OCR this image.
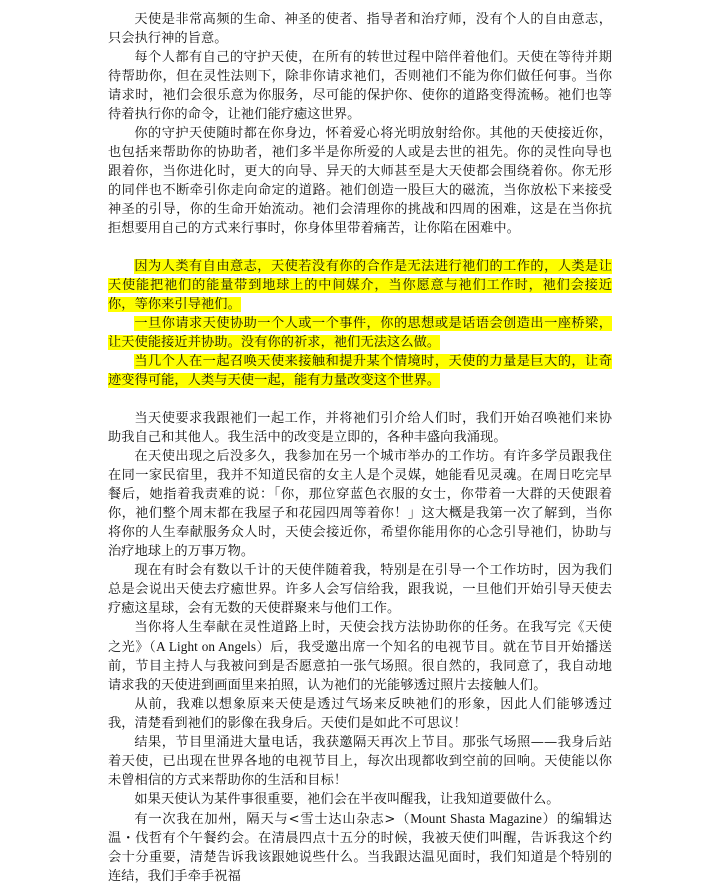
天使是非常高频的生命、神圣的使者、指导者和治疗师，没有个人的自由意志，只会执行神的旨意。

每个人都有自己的守护天使，在所有的转世过程中陪伴着他们。天使在等待并期待帮助你，但在灵性法则下，除非你请求祂们，否则祂们不能为你们做任何事。当你请求时，祂们会很乐意为你服务，尽可能的保护你、使你的道路变得流畅。祂们也等待着执行你的命令，让祂们能疗癒这世界。

你的守护天使随时都在你身边，怀着爱心将光明放射给你。其他的天使接近你，也包括来帮助你的协助者，祂们多半是你所爱的人或是去世的祖先。你的灵性向导也跟着你，当你进化时，更大的向导、异天的大师甚至是大天使都会围绕着你。你无形的同伴也不断牵引你走向命定的道路。祂们创造一股巨大的磁流，当你放松下来接受神圣的引导，你的生命开始流动。祂们会清理你的挑战和四周的困难，这是在当你抗拒想要用自己的方式来行事时，你身体里带着痛苦，让你陷在困难中。

因为人类有自由意志，天使若没有你的合作是无法进行祂们的工作的，人类是让天使能把祂们的能量带到地球上的中间媒介，当你愿意与祂们工作时，祂们会接近你，等你来引导祂们。

一旦你请求天使协助一个人或一个事件，你的思想或是话语会创造出一座桥梁，让天使能接近并协助。没有你的祈求，祂们无法这么做。

当几个人在一起召唤天使来接触和提升某个情境时，天使的力量是巨大的，让奇迹变得可能，人类与天使一起，能有力量改变这个世界。

当天使要求我跟祂们一起工作，并将祂们引介给人们时，我们开始召唤祂们来协助我自己和其他人。我生活中的改变是立即的，各种丰盛向我涌现。

在天使出现之后没多久，我参加在另一个城市举办的工作坊。有许多学员跟我住在同一家民宿里，我并不知道民宿的女主人是个灵媒，她能看见灵魂。在周日吃完早餐后，她指着我责难的说：「你，那位穿蓝色衣服的女士，你带着一大群的天使跟着你，祂们整个周末都在我屋子和花园四周等着你！」这大概是我第一次了解到，当你将你的人生奉献服务众人时，天使会接近你，希望你能用你的心念引导祂们，协助与治疗地球上的万事万物。

现在有时会有数以千计的天使伴随着我，特别是在引导一个工作坊时，因为我们总是会说出天使去疗癒世界。许多人会写信给我，跟我说，一旦他们开始引导天使去疗癒这星球，会有无数的天使群聚来与他们工作。

当你将人生奉献在灵性道路上时，天使会找方法协助你的任务。在我写完《天使之光》（A Light on Angels）后，我受邀出席一个知名的电视节目。就在节目开始播送前，节目主持人与我被问到是否愿意拍一张气场照。很自然的，我同意了，我自动地请求我的天使进到画面里来拍照，认为祂们的光能够透过照片去接触人们。

从前，我难以想象原来天使是透过气场来反映祂们的形象，因此人们能够透过我，清楚看到祂们的影像在我身后。天使们是如此不可思议！

结果，节目里涌进大量电话，我获邀隔天再次上节目。那张气场照——我身后站着天使，已出现在世界各地的电视节目上，每次出现都收到空前的回响。天使能以你未曾相信的方式来帮助你的生活和目标！

如果天使认为某件事很重要，祂们会在半夜叫醒我，让我知道要做什么。

有一次我在加州，隔天与<雪士达山杂志>（Mount Shasta Magazine）的编辑达温・伐哲有个午餐约会。在清晨四点十五分的时候，我被天使们叫醒，告诉我这个约会十分重要，清楚告诉我该跟她说些什么。当我跟达温见面时，我们知道是个特别的连结，我们手牵手祝福
